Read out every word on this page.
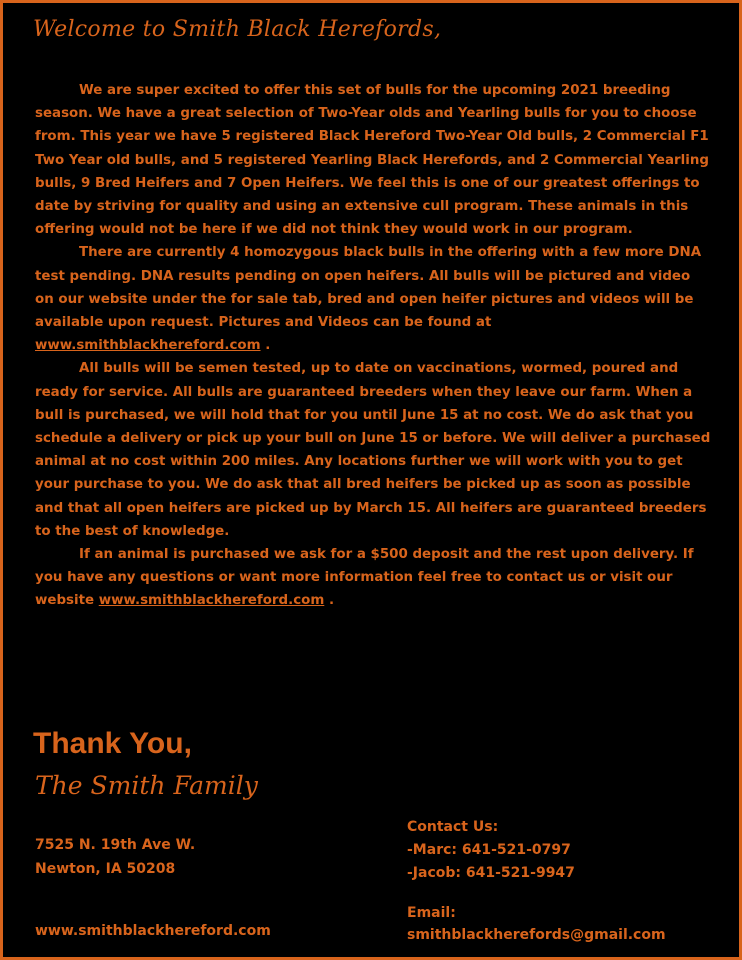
Welcome to Smith Black Herefords,

We are super excited to offer this set of bulls for the upcoming 2021 breeding season. We have a great selection of Two-Year olds and Yearling bulls for you to choose from. This year we have 5 registered Black Hereford Two-Year Old bulls, 2 Commercial F1 Two Year old bulls, and 5 registered Yearling Black Herefords, and 2 Commercial Yearling bulls, 9 Bred Heifers and 7 Open Heifers. We feel this is one of our greatest offerings to date by striving for quality and using an extensive cull program. These animals in this offering would not be here if we did not think they would work in our program.

There are currently 4 homozygous black bulls in the offering with a few more DNA test pending. DNA results pending on open heifers. All bulls will be pictured and video on our website under the for sale tab, bred and open heifer pictures and videos will be available upon request. Pictures and Videos can be found at www.smithblackhereford.com .

All bulls will be semen tested, up to date on vaccinations, wormed, poured and ready for service. All bulls are guaranteed breeders when they leave our farm. When a bull is purchased, we will hold that for you until June 15 at no cost. We do ask that you schedule a delivery or pick up your bull on June 15 or before. We will deliver a purchased animal at no cost within 200 miles. Any locations further we will work with you to get your purchase to you. We do ask that all bred heifers be picked up as soon as possible and that all open heifers are picked up by March 15. All heifers are guaranteed breeders to the best of knowledge.

If an animal is purchased we ask for a $500 deposit and the rest upon delivery. If you have any questions or want more information feel free to contact us or visit our website www.smithblackhereford.com .

Thank You,
The Smith Family
7525 N. 19th Ave W.
Newton, IA 50208
www.smithblackhereford.com
Contact Us:
-Marc: 641-521-0797
-Jacob: 641-521-9947
Email:
smithblackherefords@gmail.com
